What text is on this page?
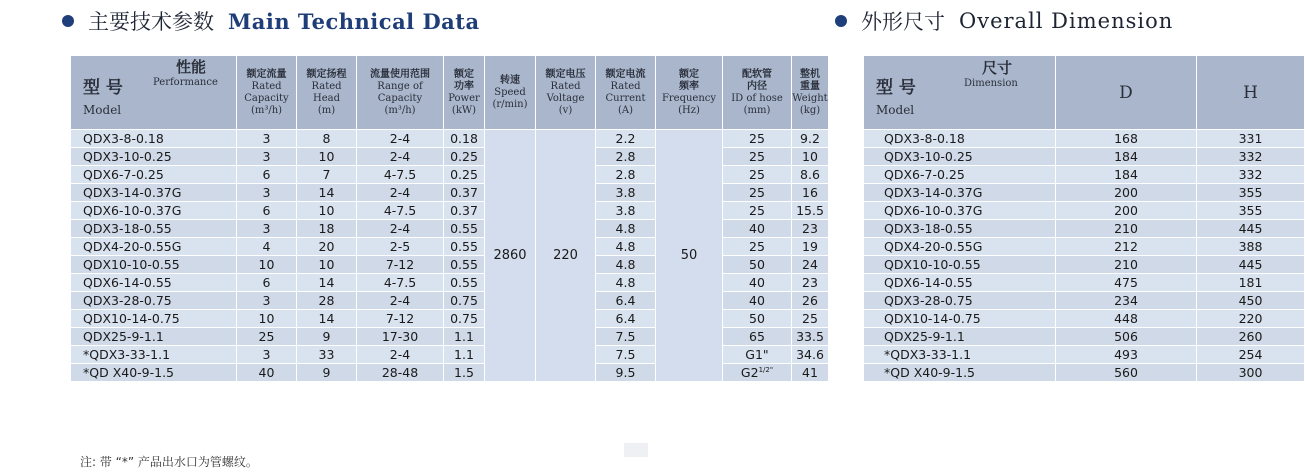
主要技术参数 Main Technical Data	外形尺寸 Overall Dimension
性能
Performance
型 号
Model	额定流量
Rated
Capacity
(m³/h)	额定扬程
Rated
Head
(m)	流量使用范围
Range of
Capacity
(m³/h)	额定
功率
Power
(kW)	转速
Speed
(r/min)	额定电压
Rated
Voltage
(v)	额定电流
Rated
Current
(A)	额定
频率
Frequency
(Hz)	配软管
内径
ID of hose
(mm)	整机
重量
Weight
(kg)

QDX3-8-0.18	3	8	2-4	0.18	2860	220	2.2	50	25	9.2
QDX3-10-0.25	3	10	2-4	0.25			2.8		25	10
QDX6-7-0.25	6	7	4-7.5	0.25			2.8		25	8.6
QDX3-14-0.37G	3	14	2-4	0.37			3.8		25	16
QDX6-10-0.37G	6	10	4-7.5	0.37			3.8		25	15.5
QDX3-18-0.55	3	18	2-4	0.55			4.8		40	23
QDX4-20-0.55G	4	20	2-5	0.55			4.8		25	19
QDX10-10-0.55	10	10	7-12	0.55			4.8		50	24
QDX6-14-0.55	6	14	4-7.5	0.55			4.8		40	23
QDX3-28-0.75	3	28	2-4	0.75			6.4		40	26
QDX10-14-0.75	10	14	7-12	0.75			6.4		50	25
QDX25-9-1.1	25	9	17-30	1.1			7.5		65	33.5
*QDX3-33-1.1	3	33	2-4	1.1			7.5		G1"	34.6
*QD X40-9-1.5	40	9	28-48	1.5			9.5		$G2^{1/2"}$	41
尺寸
Dimension
型 号
Model	D	H
QDX3-8-0.18	168	331
QDX3-10-0.25	184	332
QDX6-7-0.25	184	332
QDX3-14-0.37G	200	355
QDX6-10-0.37G	200	355
QDX3-18-0.55	210	445
QDX4-20-0.55G	212	388
QDX10-10-0.55	210	445
QDX6-14-0.55	475	181
QDX3-28-0.75	234	450
QDX10-14-0.75	448	220
QDX25-9-1.1	506	260
*QDX3-33-1.1	493	254
*QD X40-9-1.5	560	300
注: 带 “*” 产品出水口为管螺纹。
